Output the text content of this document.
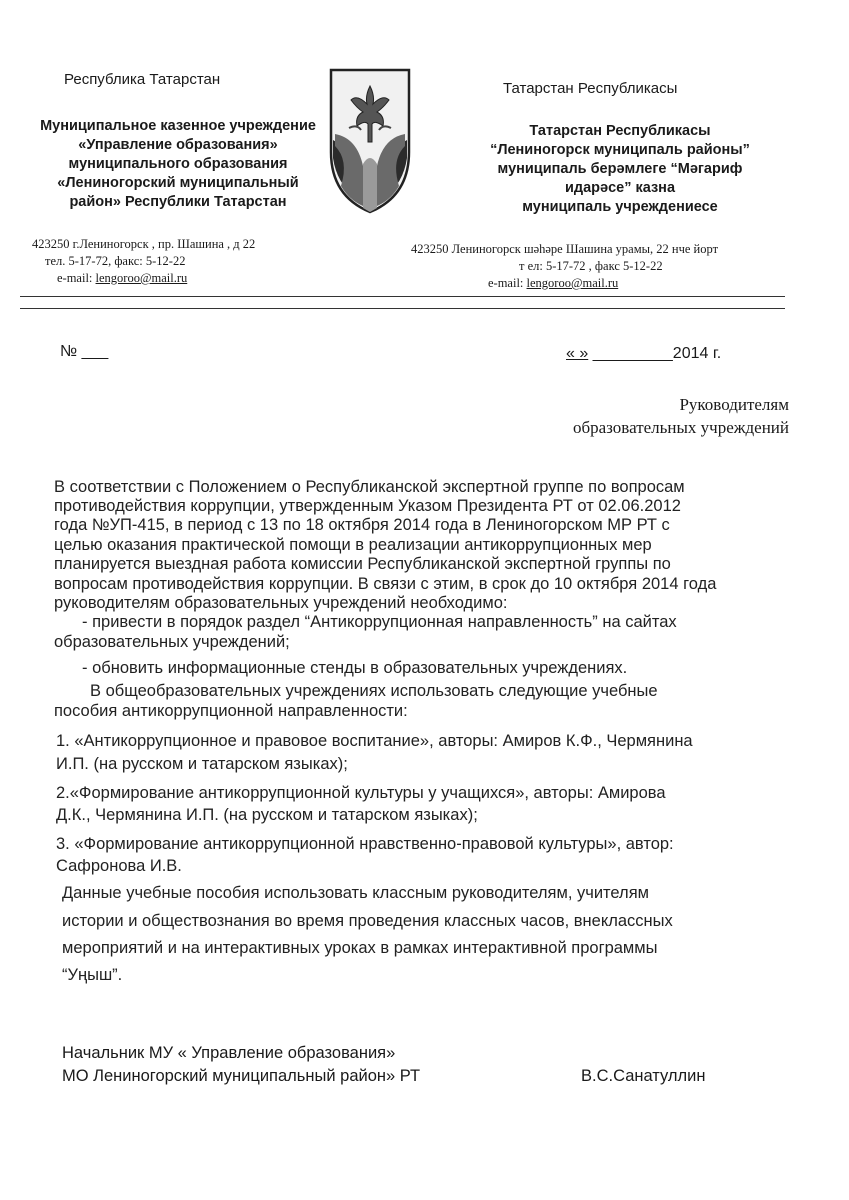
Республика Татарстан
Муниципальное казенное учреждение
«Управление образования»
муниципального образования
«Лениногорский муниципальный
район» Республики Татарстан
423250 г.Лениногорск , пр. Шашина , д 22
тел. 5-17-72, факс: 5-12-22
e-mail: lengoroo@mail.ru
Татарстан Республикасы
Татарстан Республикасы
“Лениногорск муниципаль районы”
муниципаль берәмлеге “Мәгариф
идарәсе” казна
муниципаль учреждениесе
423250 Лениногорск шәһәре Шашина урамы, 22 нче йорт
т ел: 5-17-72 , факс 5-12-22
e-mail: lengoroo@mail.ru
№ ___	« » _________2014 г.
Руководителям
образовательных учреждений
В соответствии с Положением о Республиканской экспертной группе по вопросам
противодействия коррупции, утвержденным Указом Президента РТ от 02.06.2012
года №УП-415, в период с 13 по 18 октября 2014 года в Лениногорском МР РТ с
целью оказания практической помощи в реализации антикоррупционных мер
планируется выездная работа комиссии Республиканской экспертной группы по
вопросам противодействия коррупции. В связи с этим, в срок до 10 октября 2014 года
руководителям образовательных учреждений необходимо:
- привести в порядок раздел “Антикоррупционная направленность” на сайтах
образовательных учреждений;
- обновить информационные стенды в образовательных учреждениях.
В общеобразовательных учреждениях использовать следующие учебные
пособия антикоррупционной направленности:
1. «Антикоррупционное и правовое воспитание», авторы: Амиров К.Ф., Чермянина
И.П. (на русском и татарском языках);
2.«Формирование антикоррупционной культуры у учащихся», авторы: Амирова
Д.К., Чермянина И.П. (на русском и татарском языках);
3. «Формирование антикоррупционной нравственно-правовой культуры», автор:
Сафронова И.В.
Данные учебные пособия использовать классным руководителям, учителям
истории и обществознания во время проведения классных часов, внеклассных
мероприятий и на интерактивных уроках в рамках интерактивной программы
“Уңыш”.
Начальник МУ « Управление образования»
МО Лениногорский муниципальный район» РТ	В.С.Санатуллин
